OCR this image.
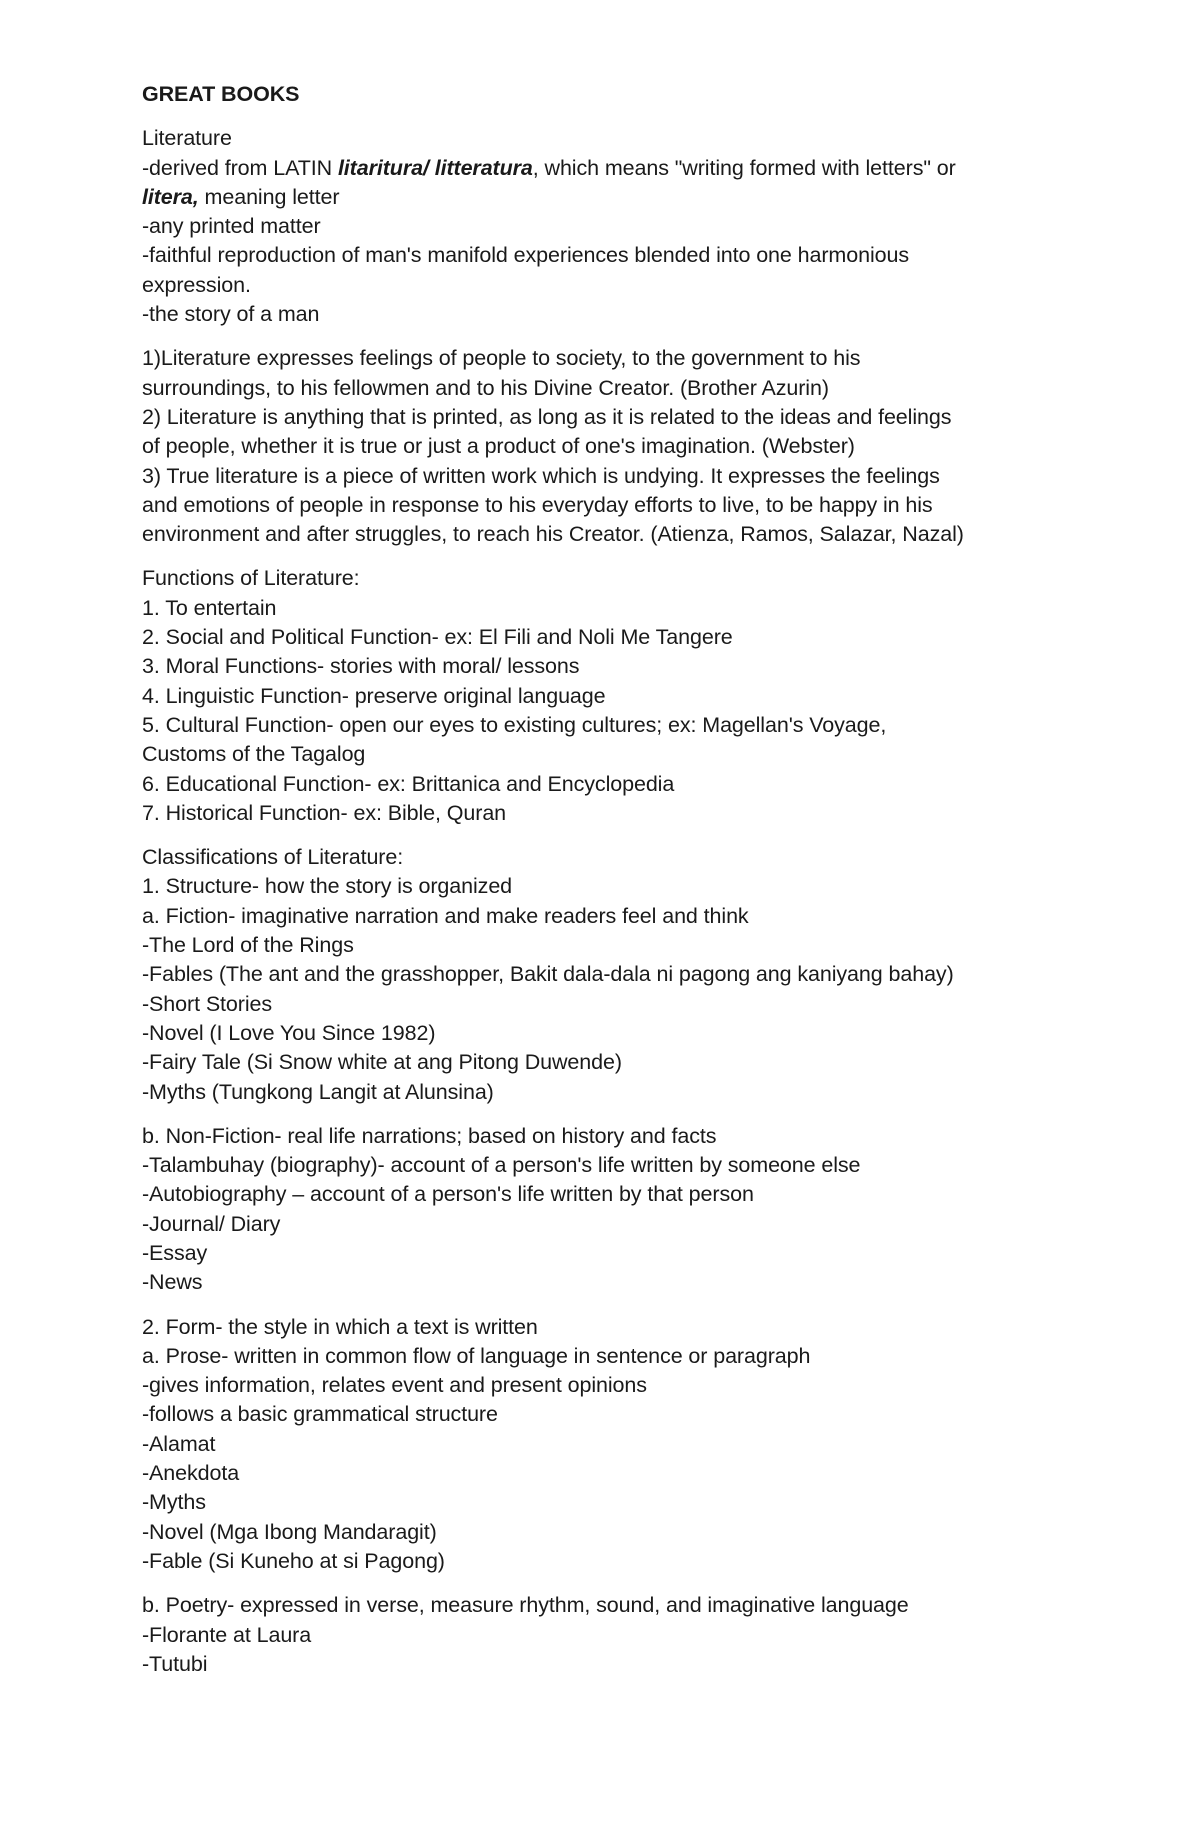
GREAT BOOKS
Literature
-derived from LATIN litaritura/ litteratura, which means "writing formed with letters" or
litera, meaning letter
-any printed matter
-faithful reproduction of man's manifold experiences blended into one harmonious
expression.
-the story of a man
1)Literature expresses feelings of people to society, to the government to his
surroundings, to his fellowmen and to his Divine Creator. (Brother Azurin)
2) Literature is anything that is printed, as long as it is related to the ideas and feelings
of people, whether it is true or just a product of one's imagination. (Webster)
3) True literature is a piece of written work which is undying. It expresses the feelings
and emotions of people in response to his everyday efforts to live, to be happy in his
environment and after struggles, to reach his Creator. (Atienza, Ramos, Salazar, Nazal)
Functions of Literature:
1. To entertain
2. Social and Political Function- ex: El Fili and Noli Me Tangere
3. Moral Functions- stories with moral/ lessons
4. Linguistic Function- preserve original language
5. Cultural Function- open our eyes to existing cultures; ex: Magellan's Voyage,
Customs of the Tagalog
6. Educational Function- ex: Brittanica and Encyclopedia
7. Historical Function- ex: Bible, Quran
Classifications of Literature:
1. Structure- how the story is organized
a. Fiction- imaginative narration and make readers feel and think
-The Lord of the Rings
-Fables (The ant and the grasshopper, Bakit dala-dala ni pagong ang kaniyang bahay)
-Short Stories
-Novel (I Love You Since 1982)
-Fairy Tale (Si Snow white at ang Pitong Duwende)
-Myths (Tungkong Langit at Alunsina)
b. Non-Fiction- real life narrations; based on history and facts
-Talambuhay (biography)- account of a person's life written by someone else
-Autobiography – account of a person's life written by that person
-Journal/ Diary
-Essay
-News
2. Form- the style in which a text is written
a. Prose- written in common flow of language in sentence or paragraph
-gives information, relates event and present opinions
-follows a basic grammatical structure
-Alamat
-Anekdota
-Myths
-Novel (Mga Ibong Mandaragit)
-Fable (Si Kuneho at si Pagong)
b. Poetry- expressed in verse, measure rhythm, sound, and imaginative language
-Florante at Laura
-Tutubi
